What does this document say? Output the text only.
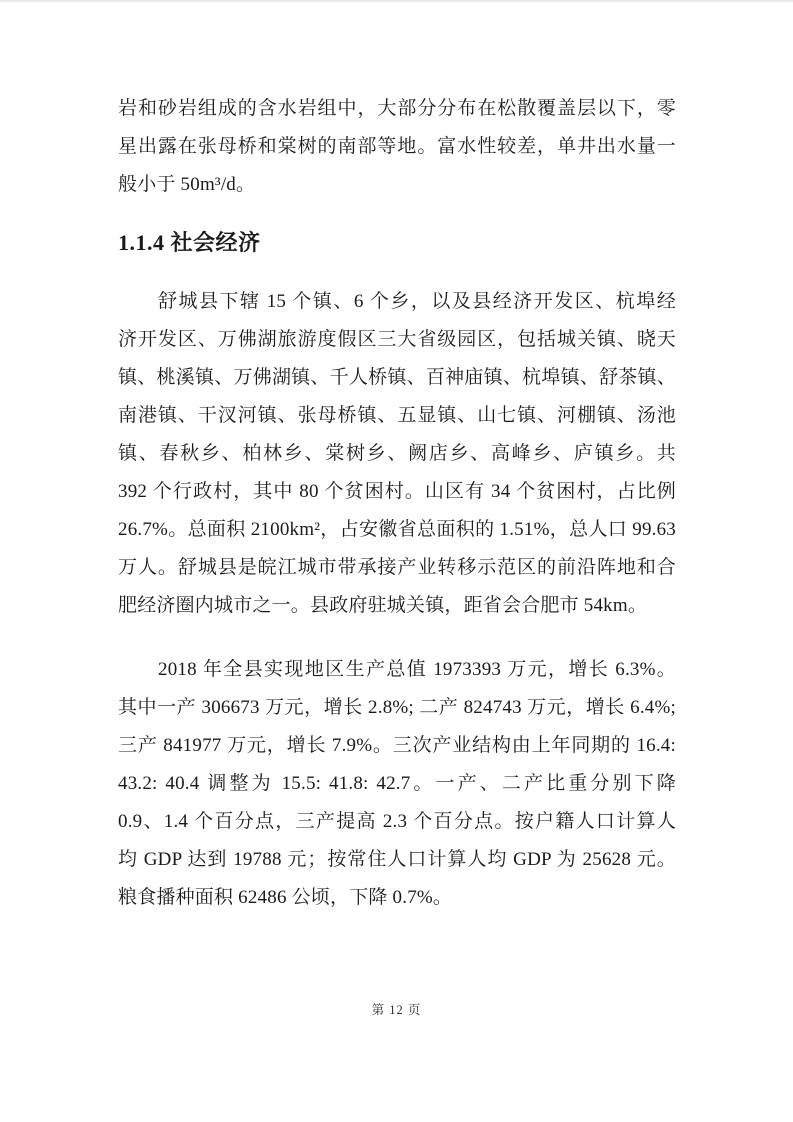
岩和砂岩组成的含水岩组中，大部分分布在松散覆盖层以下，零
星出露在张母桥和棠树的南部等地。富水性较差，单井出水量一
般小于 50m³/d。
1.1.4 社会经济
舒城县下辖 15 个镇、6 个乡，以及县经济开发区、杭埠经
济开发区、万佛湖旅游度假区三大省级园区，包括城关镇、晓天
镇、桃溪镇、万佛湖镇、千人桥镇、百神庙镇、杭埠镇、舒茶镇、
南港镇、干汊河镇、张母桥镇、五显镇、山七镇、河棚镇、汤池
镇、春秋乡、柏林乡、棠树乡、阙店乡、高峰乡、庐镇乡。共
392 个行政村，其中 80 个贫困村。山区有 34 个贫困村，占比例
26.7%。总面积 2100km²，占安徽省总面积的 1.51%，总人口 99.63
万人。舒城县是皖江城市带承接产业转移示范区的前沿阵地和合
肥经济圈内城市之一。县政府驻城关镇，距省会合肥市 54km。
2018 年全县实现地区生产总值 1973393 万元，增长 6.3%。
其中一产 306673 万元，增长 2.8%; 二产 824743 万元，增长 6.4%;
三产 841977 万元，增长 7.9%。三次产业结构由上年同期的 16.4:
43.2: 40.4 调整为 15.5: 41.8: 42.7。一产、二产比重分别下降
0.9、1.4 个百分点，三产提高 2.3 个百分点。按户籍人口计算人
均 GDP 达到 19788 元；按常住人口计算人均 GDP 为 25628 元。
粮食播种面积 62486 公顷，下降 0.7%。
第 12 页
